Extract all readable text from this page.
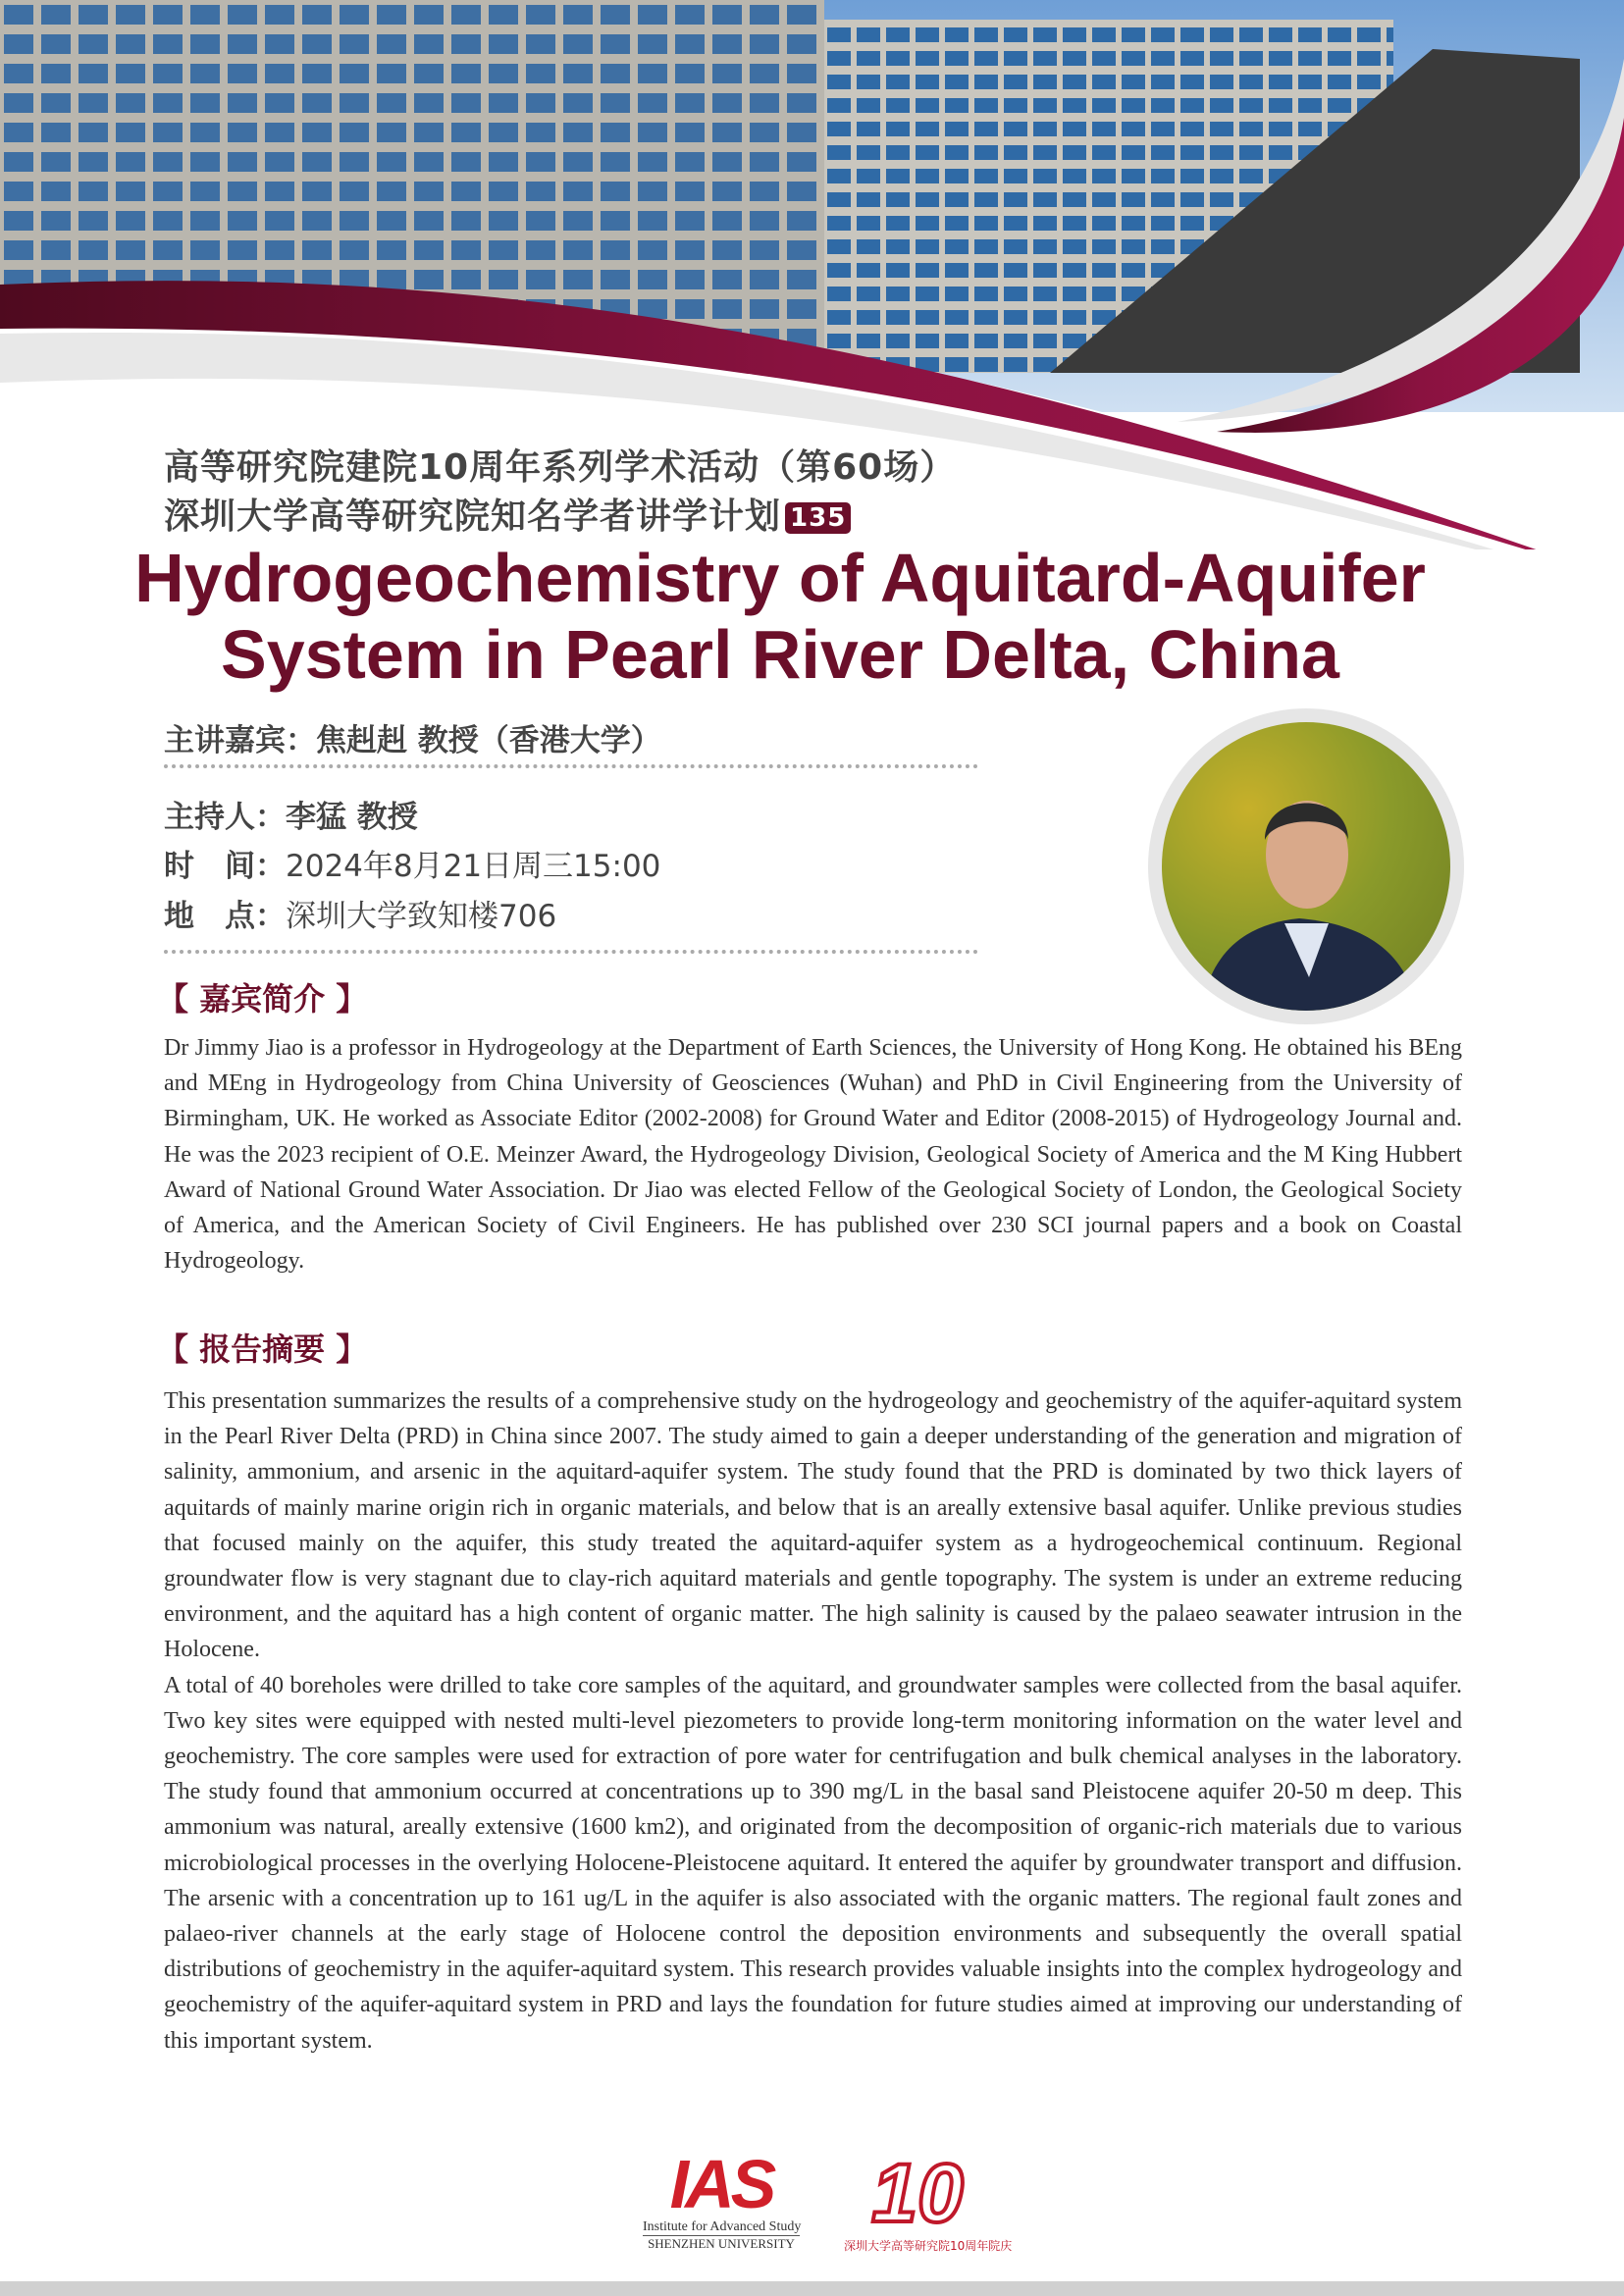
高等研究院建院10周年系列学术活动（第60场）
深圳大学高等研究院知名学者讲学计划 135
Hydrogeochemistry of Aquitard-Aquifer
System in Pearl River Delta, China
主讲嘉宾：焦赳赳 教授（香港大学）
主持人：李猛 教授
时　间：2024年8月21日周三15:00
地　点：深圳大学致知楼706
【 嘉宾简介 】

Dr Jimmy Jiao is a professor in Hydrogeology at the Department of Earth Sciences, the University of Hong Kong. He obtained his BEng and MEng in Hydrogeology from China University of Geosciences (Wuhan) and PhD in Civil Engineering from the University of Birmingham, UK. He worked as Associate Editor (2002-2008) for Ground Water and Editor (2008-2015) of Hydrogeology Journal and. He was the 2023 recipient of O.E. Meinzer Award, the Hydrogeology Division, Geological Society of America and the M King Hubbert Award of National Ground Water Association. Dr Jiao was elected Fellow of the Geological Society of London, the Geological Society of America, and the American Society of Civil Engineers. He has published over 230 SCI journal papers and a book on Coastal Hydrogeology.

【 报告摘要 】

This presentation summarizes the results of a comprehensive study on the hydrogeology and geochemistry of the aquifer-aquitard system in the Pearl River Delta (PRD) in China since 2007. The study aimed to gain a deeper understanding of the generation and migration of salinity, ammonium, and arsenic in the aquitard-aquifer system. The study found that the PRD is dominated by two thick layers of aquitards of mainly marine origin rich in organic materials, and below that is an areally extensive basal aquifer. Unlike previous studies that focused mainly on the aquifer, this study treated the aquitard-aquifer system as a hydrogeochemical continuum. Regional groundwater flow is very stagnant due to clay-rich aquitard materials and gentle topography. The system is under an extreme reducing environment, and the aquitard has a high content of organic matter. The high salinity is caused by the palaeo seawater intrusion in the Holocene.

A total of 40 boreholes were drilled to take core samples of the aquitard, and groundwater samples were collected from the basal aquifer. Two key sites were equipped with nested multi-level piezometers to provide long-term monitoring information on the water level and geochemistry. The core samples were used for extraction of pore water for centrifugation and bulk chemical analyses in the laboratory. The study found that ammonium occurred at concentrations up to 390 mg/L in the basal sand Pleistocene aquifer 20-50 m deep. This ammonium was natural, areally extensive (1600 km2), and originated from the decomposition of organic-rich materials due to various microbiological processes in the overlying Holocene-Pleistocene aquitard. It entered the aquifer by groundwater transport and diffusion. The arsenic with a concentration up to 161 ug/L in the aquifer is also associated with the organic matters. The regional fault zones and palaeo-river channels at the early stage of Holocene control the deposition environments and subsequently the overall spatial distributions of geochemistry in the aquifer-aquitard system. This research provides valuable insights into the complex hydrogeology and geochemistry of the aquifer-aquitard system in PRD and lays the foundation for future studies aimed at improving our understanding of this important system.

IAS
Institute for Advanced Study
SHENZHEN UNIVERSITY
10
深圳大学高等研究院10周年院庆
